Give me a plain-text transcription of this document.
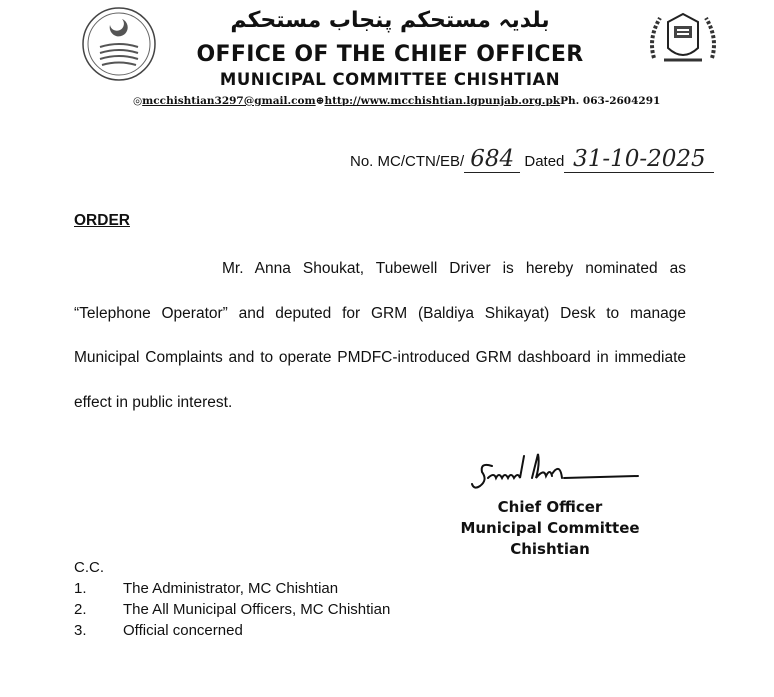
بلدیہ مستحکم پنجاب مستحکم
OFFICE OF THE CHIEF OFFICER
MUNICIPAL COMMITTEE CHISHTIAN
◎mcchishtian3297@gmail.com⊕http://www.mcchishtian.lgpunjab.org.pkPh. 063-2604291
No. MC/CTN/EB/ 684 Dated 31-10-2025
ORDER
Mr. Anna Shoukat, Tubewell Driver is hereby nominated as “Telephone Operator” and deputed for GRM (Baldiya Shikayat) Desk to manage Municipal Complaints and to operate PMDFC-introduced GRM dashboard in immediate effect in public interest.
Chief Officer
Municipal Committee
Chishtian
C.C.
1. The Administrator, MC Chishtian
2. The All Municipal Officers, MC Chishtian
3. Official concerned
